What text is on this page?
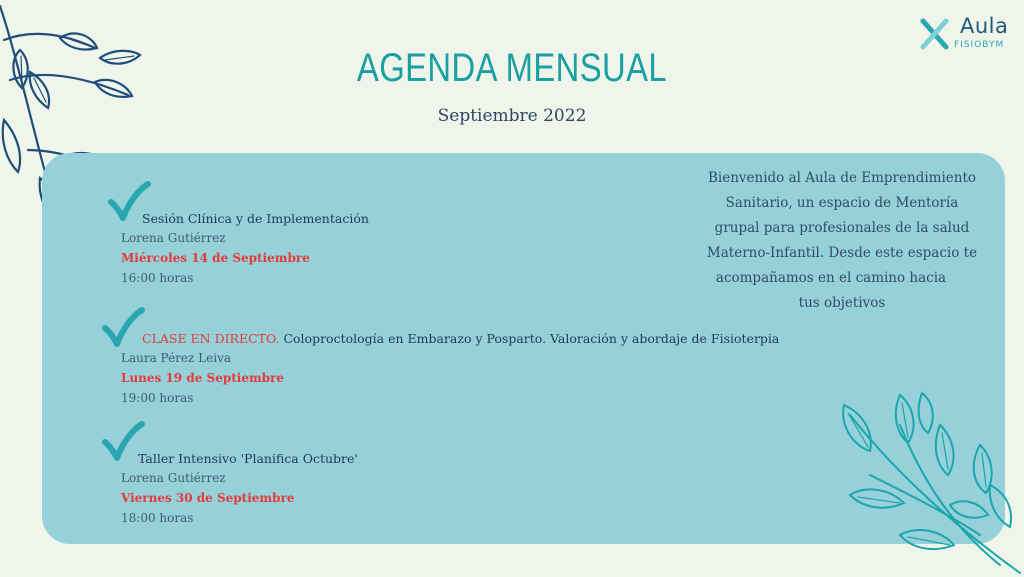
Aula
FISIOBYM
AGENDA MENSUAL
Septiembre 2022

Bienvenido al Aula de Emprendimiento
Sanitario, un espacio de Mentoría
grupal para profesionales de la salud
Materno-Infantil. Desde este espacio te
acompañamos en el camino hacia
tus objetivos

Sesión Clínica y de Implementación
Lorena Gutiérrez
Miércoles 14 de Septiembre
16:00 horas
CLASE EN DIRECTO. Coloproctología en Embarazo y Posparto. Valoración y abordaje de Fisioterpia
Laura Pérez Leiva
Lunes 19 de Septiembre
19:00 horas
Taller Intensivo 'Planifica Octubre'
Lorena Gutiérrez
Viernes 30 de Septiembre
18:00 horas
